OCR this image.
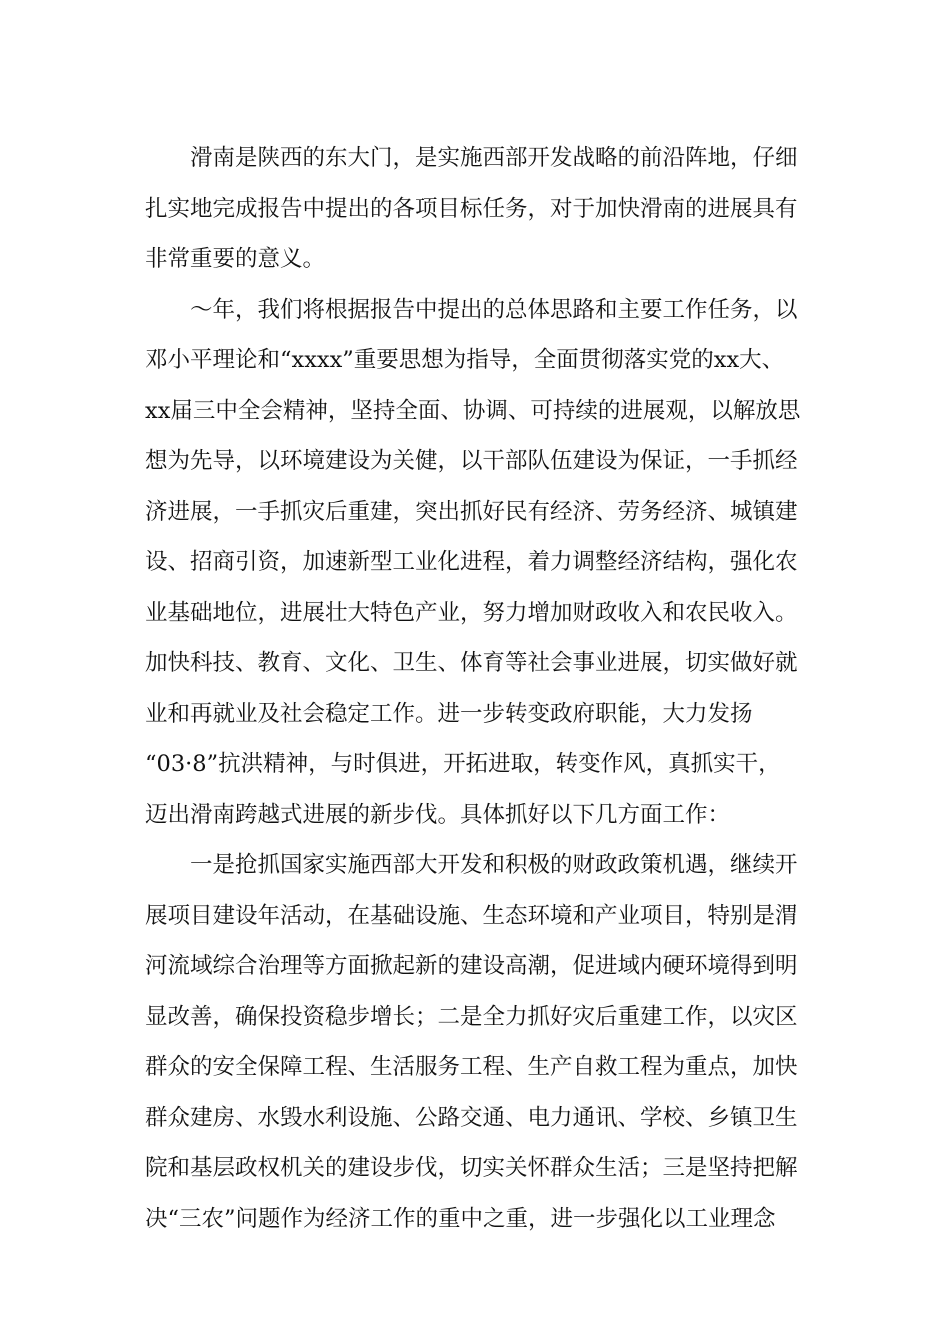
滑南是陕西的东大门，是实施西部开发战略的前沿阵地，仔细
扎实地完成报告中提出的各项目标任务，对于加快滑南的进展具有
非常重要的意义。
～年，我们将根据报告中提出的总体思路和主要工作任务，以
邓小平理论和“xxxx”重要思想为指导，全面贯彻落实党的xx大、
xx届三中全会精神，坚持全面、协调、可持续的进展观，以解放思
想为先导，以环境建设为关健，以干部队伍建设为保证，一手抓经
济进展，一手抓灾后重建，突出抓好民有经济、劳务经济、城镇建
设、招商引资，加速新型工业化进程，着力调整经济结构，强化农
业基础地位，进展壮大特色产业，努力增加财政收入和农民收入。
加快科技、教育、文化、卫生、体育等社会事业进展，切实做好就
业和再就业及社会稳定工作。进一步转变政府职能，大力发扬
“03·8”抗洪精神，与时俱进，开拓进取，转变作风，真抓实干，
迈出滑南跨越式进展的新步伐。具体抓好以下几方面工作：
一是抢抓国家实施西部大开发和积极的财政政策机遇，继续开
展项目建设年活动，在基础设施、生态环境和产业项目，特别是渭
河流域综合治理等方面掀起新的建设高潮，促进域内硬环境得到明
显改善，确保投资稳步增长；二是全力抓好灾后重建工作，以灾区
群众的安全保障工程、生活服务工程、生产自救工程为重点，加快
群众建房、水毁水利设施、公路交通、电力通讯、学校、乡镇卫生
院和基层政权机关的建设步伐，切实关怀群众生活；三是坚持把解
决“三农”问题作为经济工作的重中之重，进一步强化以工业理念
